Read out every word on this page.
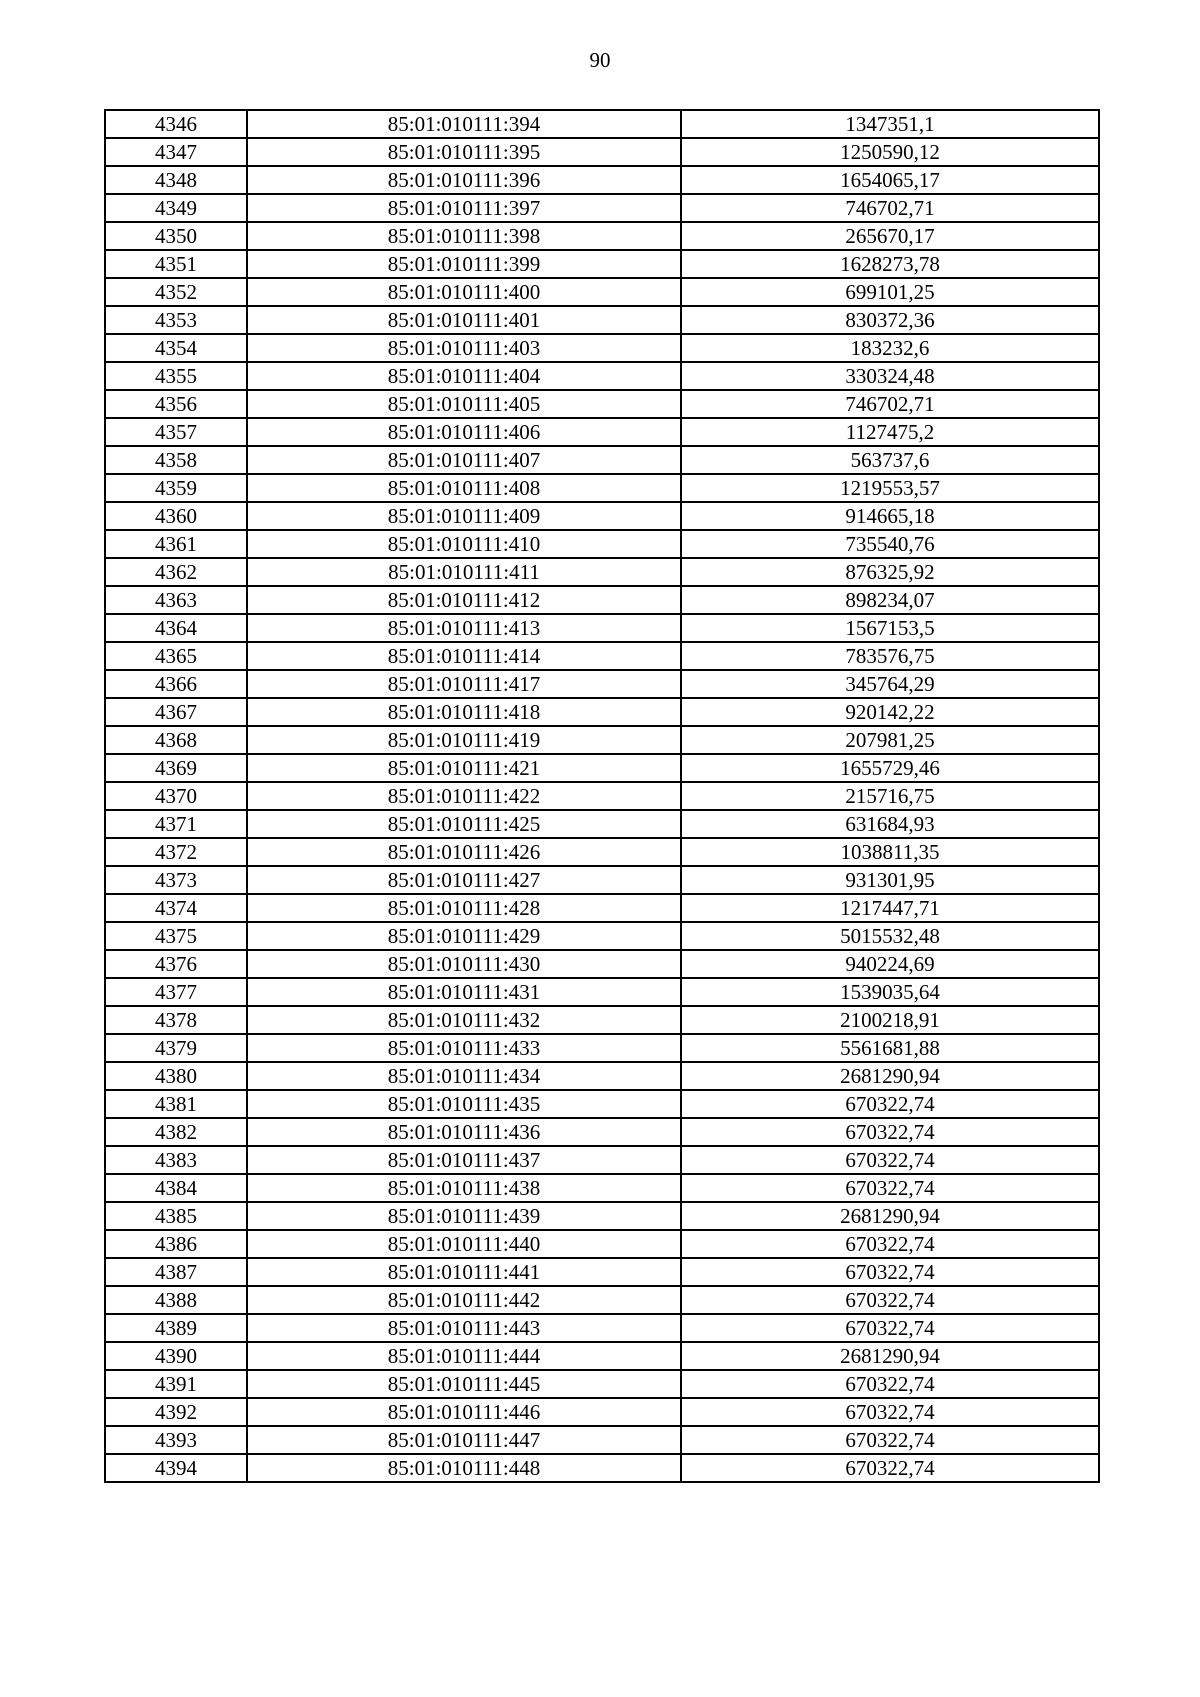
90
4346	85:01:010111:394	1347351,1
4347	85:01:010111:395	1250590,12
4348	85:01:010111:396	1654065,17
4349	85:01:010111:397	746702,71
4350	85:01:010111:398	265670,17
4351	85:01:010111:399	1628273,78
4352	85:01:010111:400	699101,25
4353	85:01:010111:401	830372,36
4354	85:01:010111:403	183232,6
4355	85:01:010111:404	330324,48
4356	85:01:010111:405	746702,71
4357	85:01:010111:406	1127475,2
4358	85:01:010111:407	563737,6
4359	85:01:010111:408	1219553,57
4360	85:01:010111:409	914665,18
4361	85:01:010111:410	735540,76
4362	85:01:010111:411	876325,92
4363	85:01:010111:412	898234,07
4364	85:01:010111:413	1567153,5
4365	85:01:010111:414	783576,75
4366	85:01:010111:417	345764,29
4367	85:01:010111:418	920142,22
4368	85:01:010111:419	207981,25
4369	85:01:010111:421	1655729,46
4370	85:01:010111:422	215716,75
4371	85:01:010111:425	631684,93
4372	85:01:010111:426	1038811,35
4373	85:01:010111:427	931301,95
4374	85:01:010111:428	1217447,71
4375	85:01:010111:429	5015532,48
4376	85:01:010111:430	940224,69
4377	85:01:010111:431	1539035,64
4378	85:01:010111:432	2100218,91
4379	85:01:010111:433	5561681,88
4380	85:01:010111:434	2681290,94
4381	85:01:010111:435	670322,74
4382	85:01:010111:436	670322,74
4383	85:01:010111:437	670322,74
4384	85:01:010111:438	670322,74
4385	85:01:010111:439	2681290,94
4386	85:01:010111:440	670322,74
4387	85:01:010111:441	670322,74
4388	85:01:010111:442	670322,74
4389	85:01:010111:443	670322,74
4390	85:01:010111:444	2681290,94
4391	85:01:010111:445	670322,74
4392	85:01:010111:446	670322,74
4393	85:01:010111:447	670322,74
4394	85:01:010111:448	670322,74
